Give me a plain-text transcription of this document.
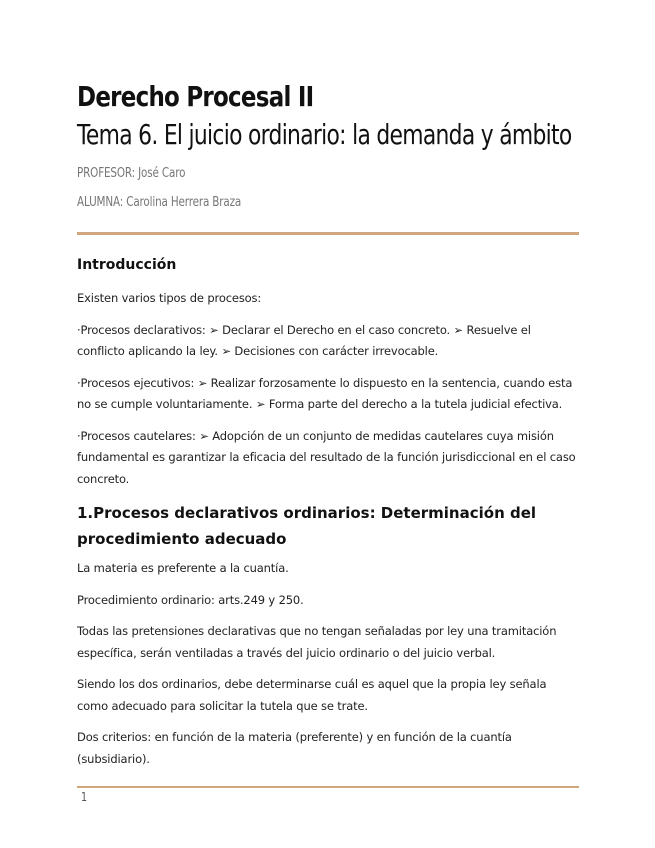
Derecho Procesal II
Tema 6. El juicio ordinario: la demanda y ámbito
PROFESOR: José Caro
ALUMNA: Carolina Herrera Braza
Introducción

Existen varios tipos de procesos:

·Procesos declarativos: ➢ Declarar el Derecho en el caso concreto. ➢ Resuelve el conflicto aplicando la ley. ➢ Decisiones con carácter irrevocable.

·Procesos ejecutivos: ➢ Realizar forzosamente lo dispuesto en la sentencia, cuando esta no se cumple voluntariamente. ➢ Forma parte del derecho a la tutela judicial efectiva.

·Procesos cautelares: ➢ Adopción de un conjunto de medidas cautelares cuya misión fundamental es garantizar la eficacia del resultado de la función jurisdiccional en el caso concreto.

1.Procesos declarativos ordinarios: Determinación del procedimiento adecuado

La materia es preferente a la cuantía.

Procedimiento ordinario: arts.249 y 250.

Todas las pretensiones declarativas que no tengan señaladas por ley una tramitación específica, serán ventiladas a través del juicio ordinario o del juicio verbal.

Siendo los dos ordinarios, debe determinarse cuál es aquel que la propia ley señala como adecuado para solicitar la tutela que se trate.

Dos criterios: en función de la materia (preferente) y en función de la cuantía (subsidiario).

1
